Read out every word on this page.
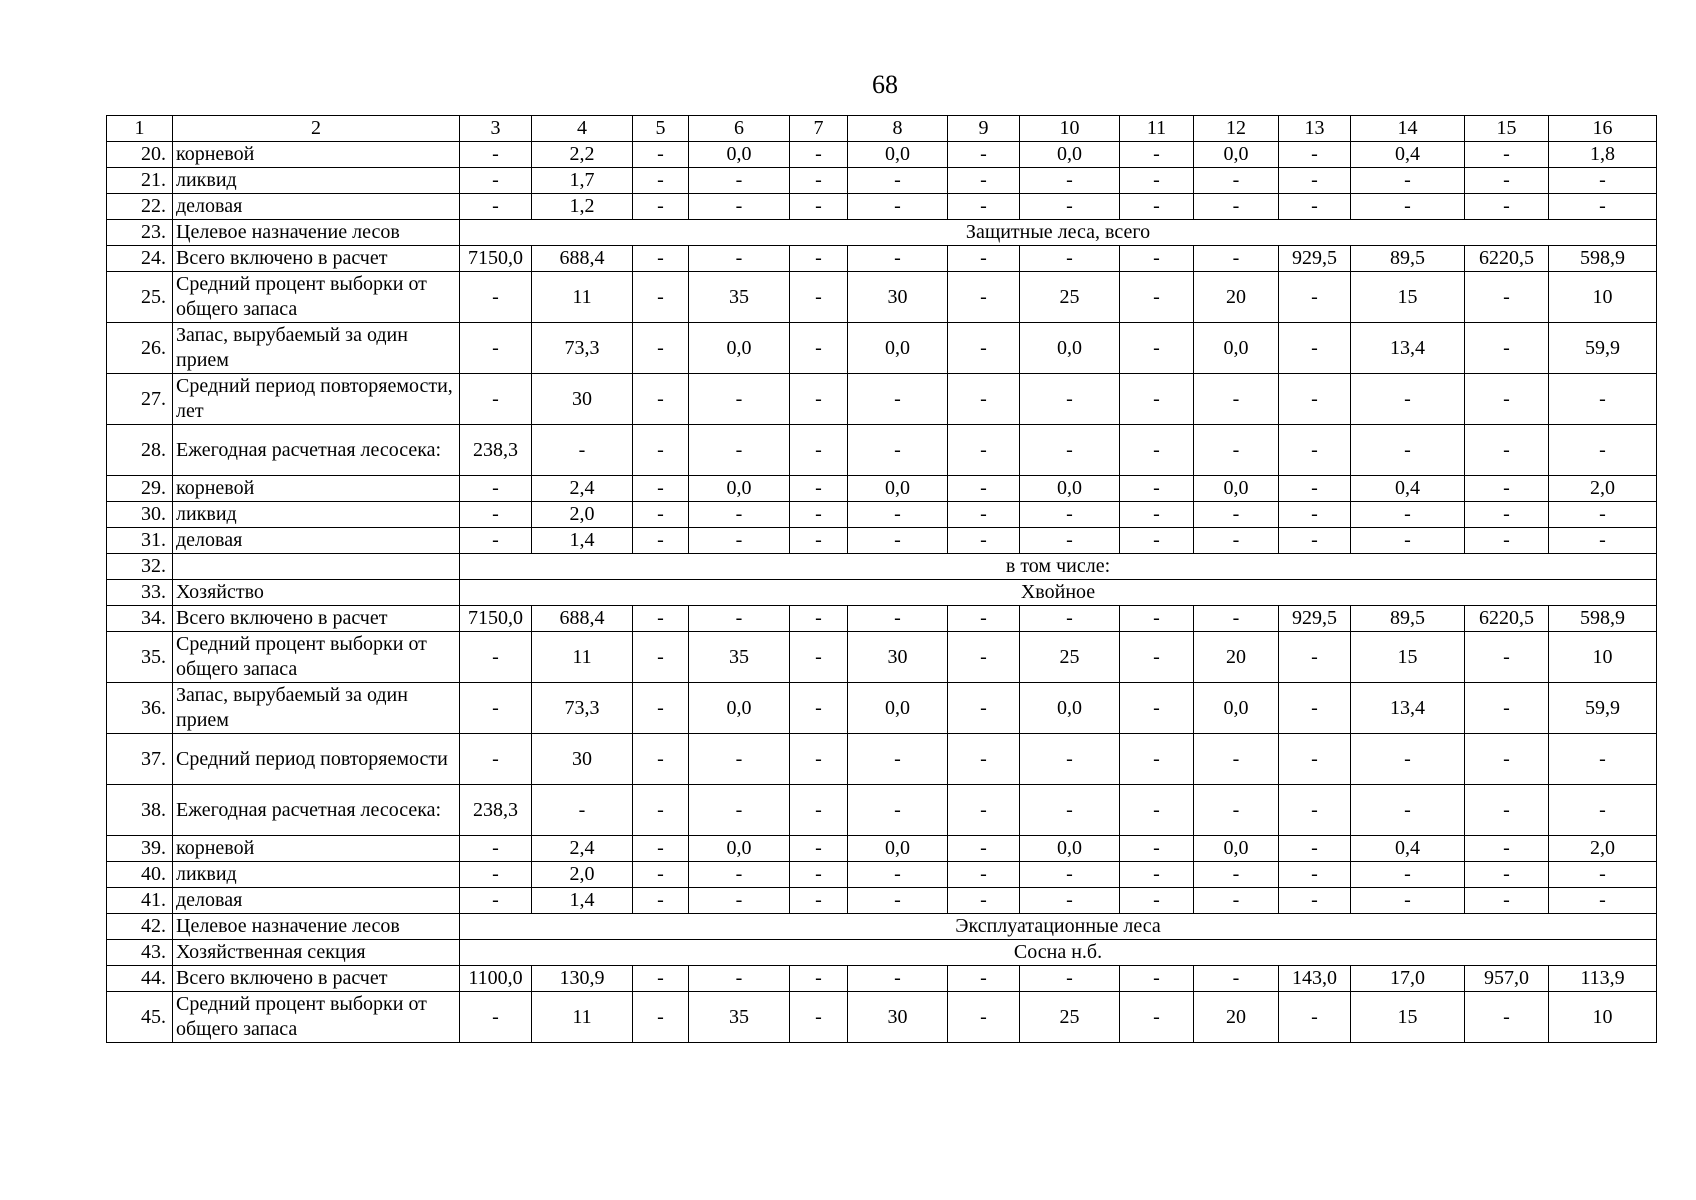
68
1	2	3	4	5	6	7	8	9	10	11	12	13	14	15	16
20.	корневой	-	2,2	-	0,0	-	0,0	-	0,0	-	0,0	-	0,4	-	1,8
21.	ликвид	-	1,7	-	-	-	-	-	-	-	-	-	-	-	-
22.	деловая	-	1,2	-	-	-	-	-	-	-	-	-	-	-	-
23.	Целевое назначение лесов	Защитные леса, всего													
24.	Всего включено в расчет	7150,0	688,4	-	-	-	-	-	-	-	-	929,5	89,5	6220,5	598,9
25.	Средний процент выборки от общего запаса	-	11	-	35	-	30	-	25	-	20	-	15	-	10
26.	Запас, вырубаемый за один прием	-	73,3	-	0,0	-	0,0	-	0,0	-	0,0	-	13,4	-	59,9
27.	Средний период повторяемости, лет	-	30	-	-	-	-	-	-	-	-	-	-	-	-
28.	Ежегодная расчетная лесосека:	238,3	-	-	-	-	-	-	-	-	-	-	-	-	-
29.	корневой	-	2,4	-	0,0	-	0,0	-	0,0	-	0,0	-	0,4	-	2,0
30.	ликвид	-	2,0	-	-	-	-	-	-	-	-	-	-	-	-
31.	деловая	-	1,4	-	-	-	-	-	-	-	-	-	-	-	-
32.		в том числе:													
33.	Хозяйство	Хвойное													
34.	Всего включено в расчет	7150,0	688,4	-	-	-	-	-	-	-	-	929,5	89,5	6220,5	598,9
35.	Средний процент выборки от общего запаса	-	11	-	35	-	30	-	25	-	20	-	15	-	10
36.	Запас, вырубаемый за один прием	-	73,3	-	0,0	-	0,0	-	0,0	-	0,0	-	13,4	-	59,9
37.	Средний период повторяемости	-	30	-	-	-	-	-	-	-	-	-	-	-	-
38.	Ежегодная расчетная лесосека:	238,3	-	-	-	-	-	-	-	-	-	-	-	-	-
39.	корневой	-	2,4	-	0,0	-	0,0	-	0,0	-	0,0	-	0,4	-	2,0
40.	ликвид	-	2,0	-	-	-	-	-	-	-	-	-	-	-	-
41.	деловая	-	1,4	-	-	-	-	-	-	-	-	-	-	-	-
42.	Целевое назначение лесов	Эксплуатационные леса													
43.	Хозяйственная секция	Сосна н.б.													
44.	Всего включено в расчет	1100,0	130,9	-	-	-	-	-	-	-	-	143,0	17,0	957,0	113,9
45.	Средний процент выборки от общего запаса	-	11	-	35	-	30	-	25	-	20	-	15	-	10
